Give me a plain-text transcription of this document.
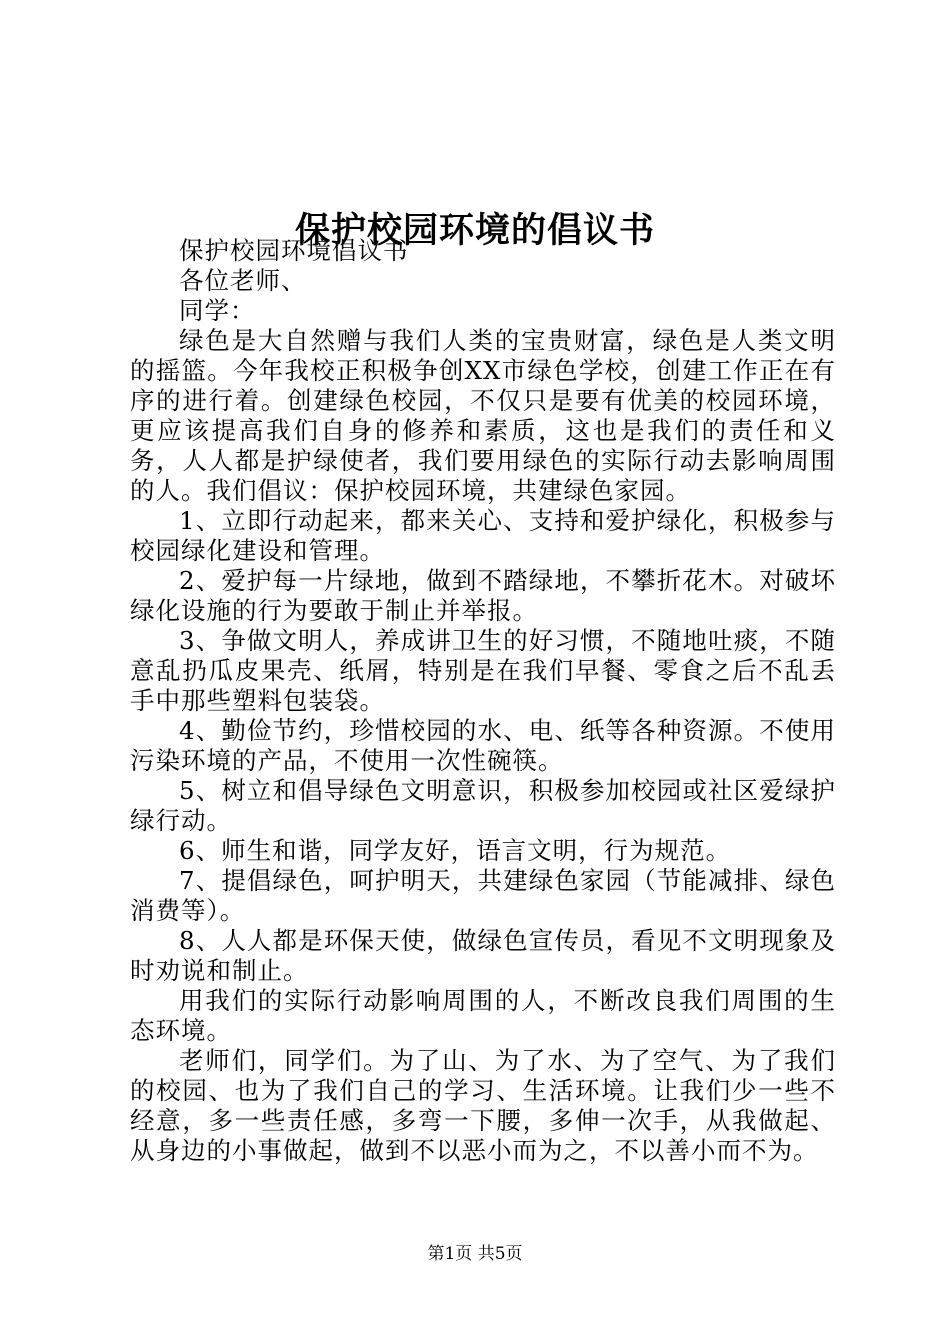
保护校园环境的倡议书

保护校园环境倡议书

各位老师、

同学：

绿色是大自然赠与我们人类的宝贵财富，绿色是人类文明的摇篮。今年我校正积极争创XX市绿色学校，创建工作正在有序的进行着。创建绿色校园，不仅只是要有优美的校园环境，更应该提高我们自身的修养和素质，这也是我们的责任和义务，人人都是护绿使者，我们要用绿色的实际行动去影响周围的人。我们倡议：保护校园环境，共建绿色家园。

1、立即行动起来，都来关心、支持和爱护绿化，积极参与校园绿化建设和管理。

2、爱护每一片绿地，做到不踏绿地，不攀折花木。对破坏绿化设施的行为要敢于制止并举报。

3、争做文明人，养成讲卫生的好习惯，不随地吐痰，不随意乱扔瓜皮果壳、纸屑，特别是在我们早餐、零食之后不乱丢手中那些塑料包装袋。

4、勤俭节约，珍惜校园的水、电、纸等各种资源。不使用污染环境的产品，不使用一次性碗筷。

5、树立和倡导绿色文明意识，积极参加校园或社区爱绿护绿行动。

6、师生和谐，同学友好，语言文明，行为规范。

7、提倡绿色，呵护明天，共建绿色家园（节能减排、绿色消费等）。

8、人人都是环保天使，做绿色宣传员，看见不文明现象及时劝说和制止。

用我们的实际行动影响周围的人，不断改良我们周围的生态环境。

老师们，同学们。为了山、为了水、为了空气、为了我们的校园、也为了我们自己的学习、生活环境。让我们少一些不经意，多一些责任感，多弯一下腰，多伸一次手，从我做起、从身边的小事做起，做到不以恶小而为之，不以善小而不为。

第1页 共5页
